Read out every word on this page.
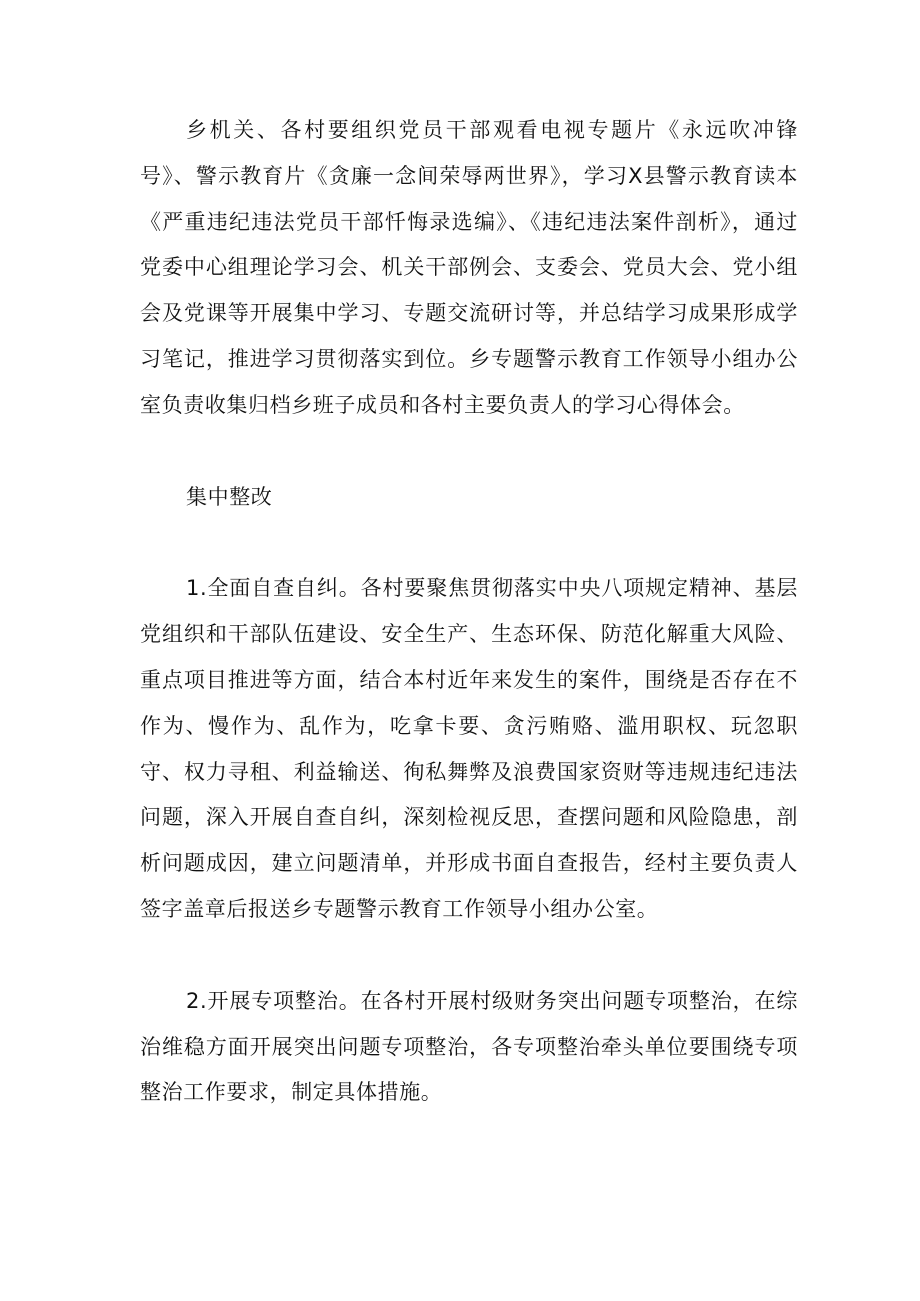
乡机关、各村要组织党员干部观看电视专题片《永远吹冲锋号》、警示教育片《贪廉一念间荣辱两世界》，学习X县警示教育读本《严重违纪违法党员干部忏悔录选编》、《违纪违法案件剖析》，通过党委中心组理论学习会、机关干部例会、支委会、党员大会、党小组会及党课等开展集中学习、专题交流研讨等，并总结学习成果形成学习笔记，推进学习贯彻落实到位。乡专题警示教育工作领导小组办公室负责收集归档乡班子成员和各村主要负责人的学习心得体会。

集中整改

1.全面自查自纠。各村要聚焦贯彻落实中央八项规定精神、基层党组织和干部队伍建设、安全生产、生态环保、防范化解重大风险、重点项目推进等方面，结合本村近年来发生的案件，围绕是否存在不作为、慢作为、乱作为，吃拿卡要、贪污贿赂、滥用职权、玩忽职守、权力寻租、利益输送、徇私舞弊及浪费国家资财等违规违纪违法问题，深入开展自查自纠，深刻检视反思，查摆问题和风险隐患，剖析问题成因，建立问题清单，并形成书面自查报告，经村主要负责人签字盖章后报送乡专题警示教育工作领导小组办公室。

2.开展专项整治。在各村开展村级财务突出问题专项整治，在综治维稳方面开展突出问题专项整治，各专项整治牵头单位要围绕专项整治工作要求，制定具体措施。
